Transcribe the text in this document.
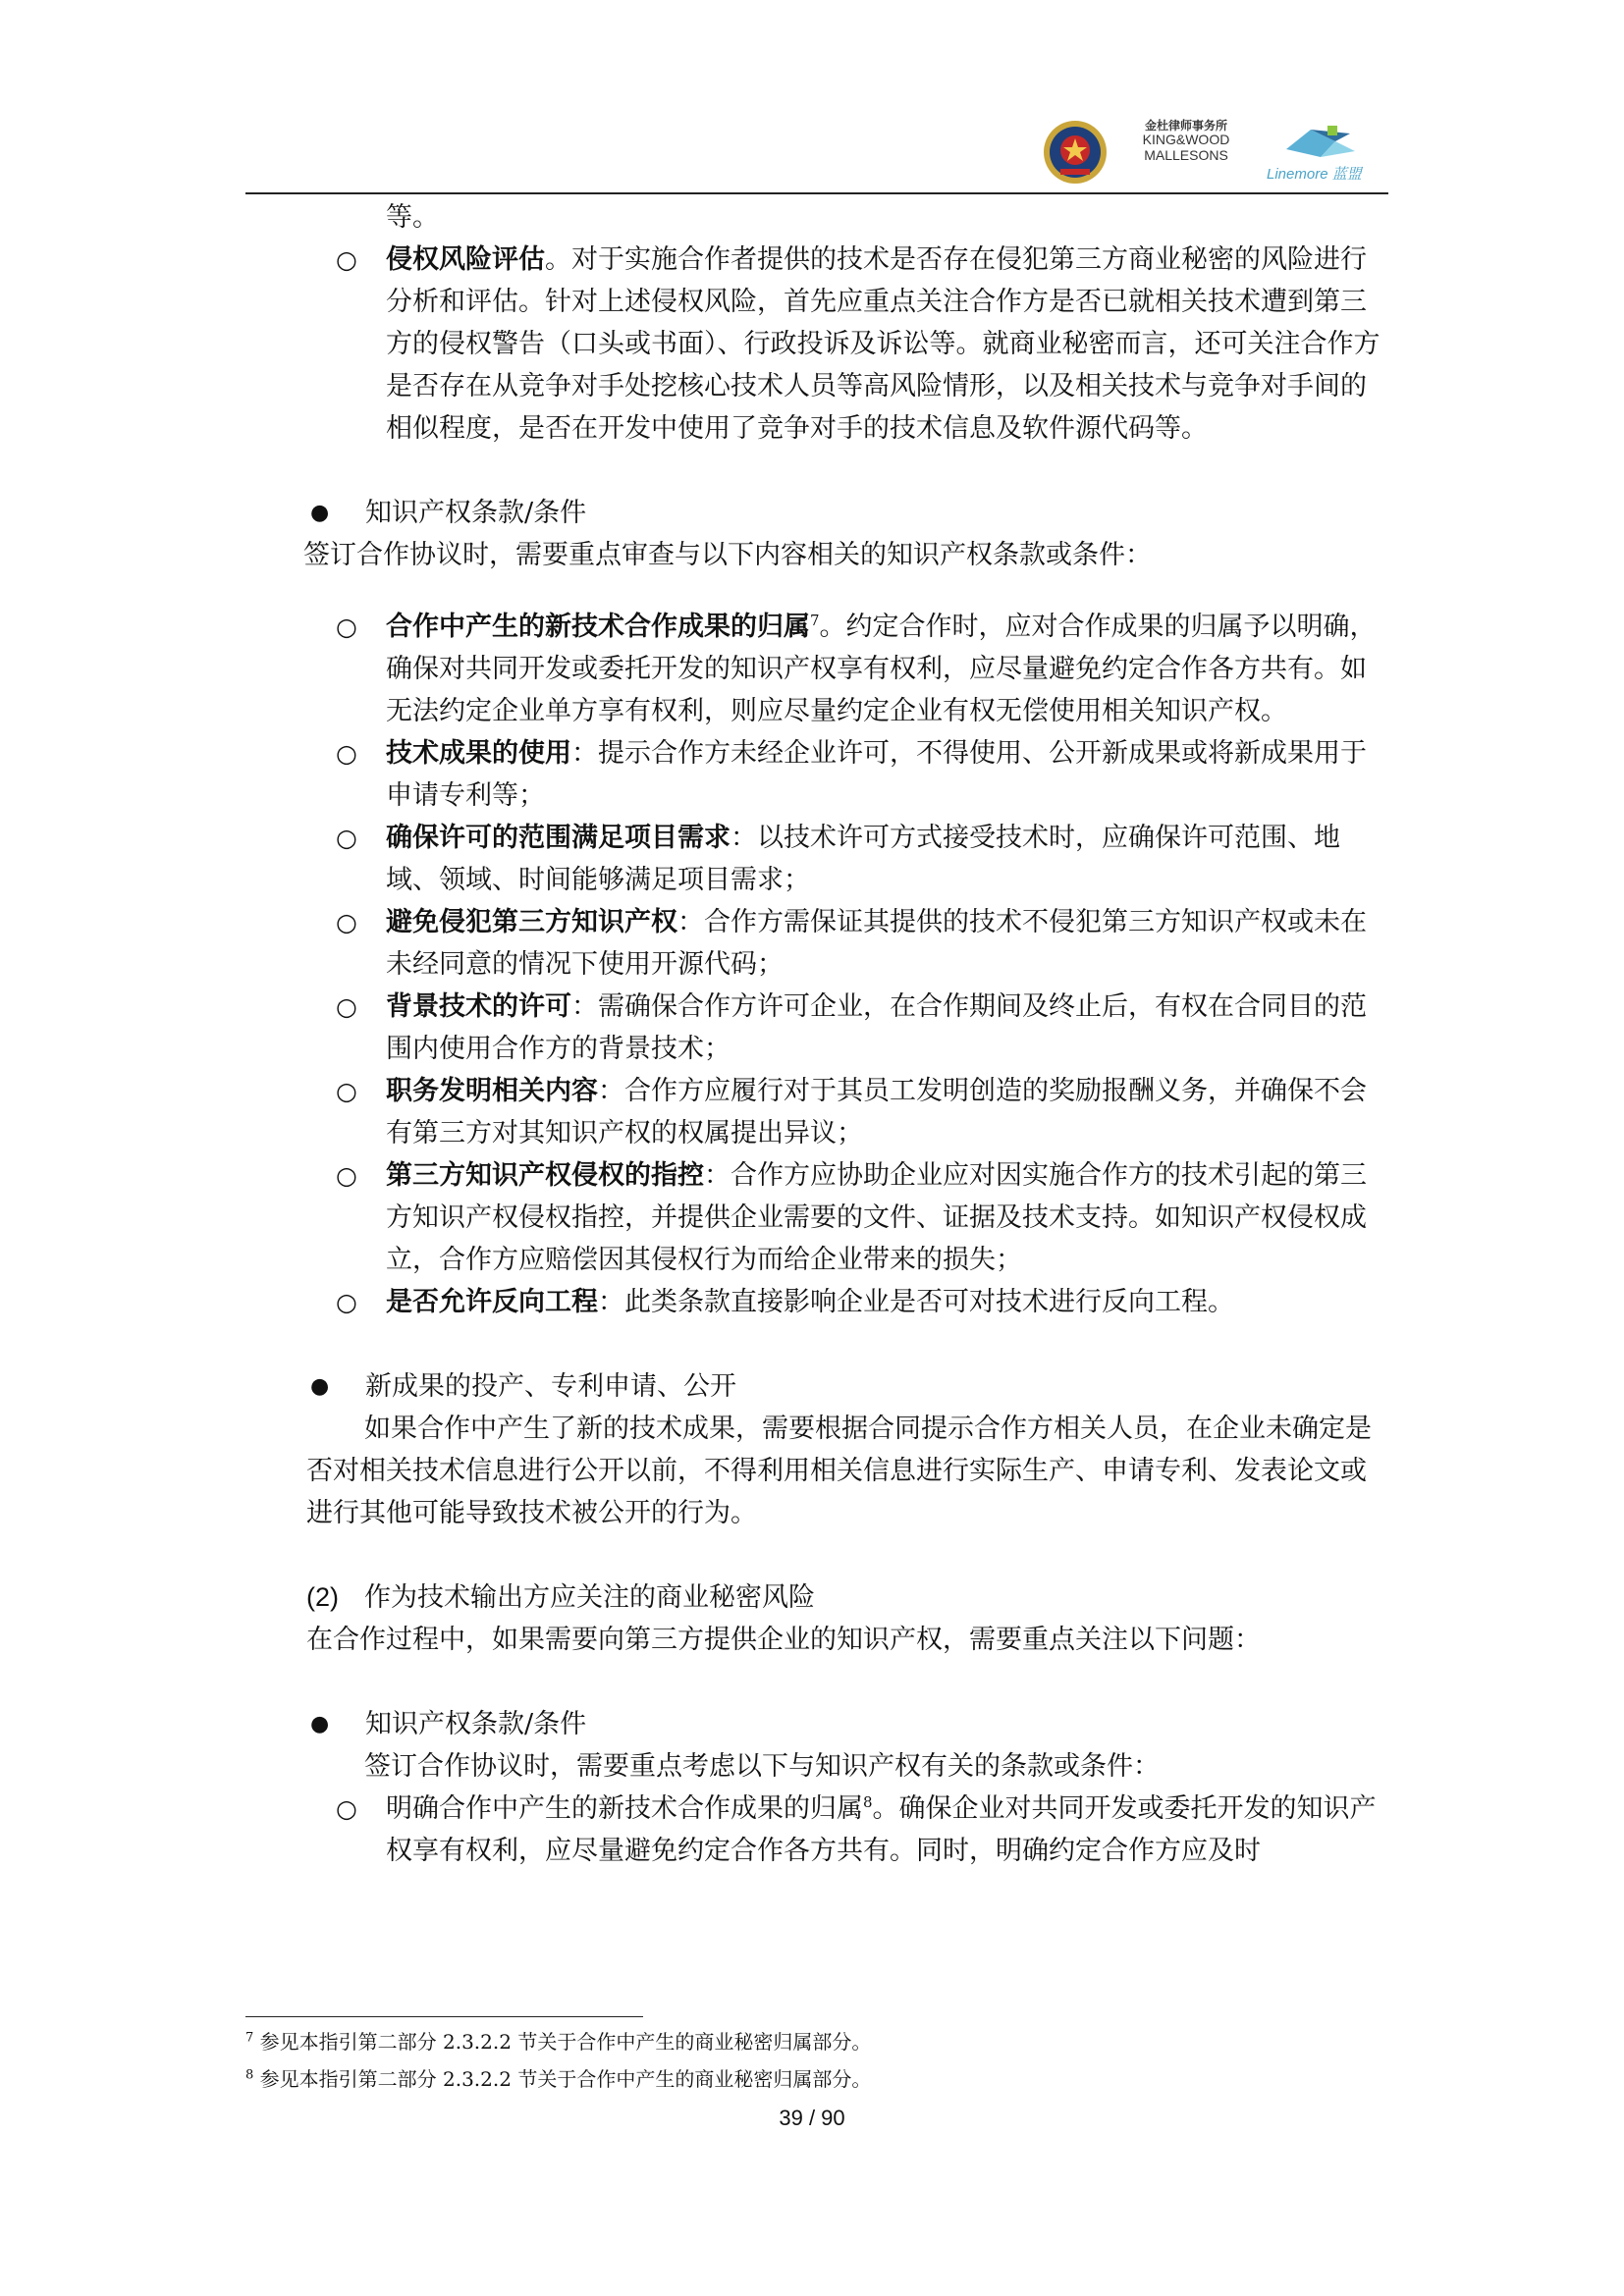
金杜律师事务所
KING&WOOD
MALLESONS
Linemore 蓝盟

等。

○ 侵权风险评估。对于实施合作者提供的技术是否存在侵犯第三方商业秘密的风险进行分析和评估。针对上述侵权风险，首先应重点关注合作方是否已就相关技术遭到第三方的侵权警告（口头或书面）、行政投诉及诉讼等。就商业秘密而言，还可关注合作方是否存在从竞争对手处挖核心技术人员等高风险情形，以及相关技术与竞争对手间的相似程度，是否在开发中使用了竞争对手的技术信息及软件源代码等。

● 知识产权条款/条件

签订合作协议时，需要重点审查与以下内容相关的知识产权条款或条件：

○ 合作中产生的新技术合作成果的归属$^7$。约定合作时，应对合作成果的归属予以明确，确保对共同开发或委托开发的知识产权享有权利，应尽量避免约定合作各方共有。如无法约定企业单方享有权利，则应尽量约定企业有权无偿使用相关知识产权。

○ 技术成果的使用：提示合作方未经企业许可，不得使用、公开新成果或将新成果用于申请专利等；

○ 确保许可的范围满足项目需求：以技术许可方式接受技术时，应确保许可范围、地域、领域、时间能够满足项目需求；

○ 避免侵犯第三方知识产权：合作方需保证其提供的技术不侵犯第三方知识产权或未在未经同意的情况下使用开源代码；

○ 背景技术的许可：需确保合作方许可企业，在合作期间及终止后，有权在合同目的范围内使用合作方的背景技术；

○ 职务发明相关内容：合作方应履行对于其员工发明创造的奖励报酬义务，并确保不会有第三方对其知识产权的权属提出异议；

○ 第三方知识产权侵权的指控：合作方应协助企业应对因实施合作方的技术引起的第三方知识产权侵权指控，并提供企业需要的文件、证据及技术支持。如知识产权侵权成立，合作方应赔偿因其侵权行为而给企业带来的损失；

○ 是否允许反向工程：此类条款直接影响企业是否可对技术进行反向工程。

● 新成果的投产、专利申请、公开

如果合作中产生了新的技术成果，需要根据合同提示合作方相关人员，在企业未确定是否对相关技术信息进行公开以前，不得利用相关信息进行实际生产、申请专利、发表论文或进行其他可能导致技术被公开的行为。

(2) 作为技术输出方应关注的商业秘密风险

在合作过程中，如果需要向第三方提供企业的知识产权，需要重点关注以下问题：

● 知识产权条款/条件

签订合作协议时，需要重点考虑以下与知识产权有关的条款或条件：

○ 明确合作中产生的新技术合作成果的归属$^8$。确保企业对共同开发或委托开发的知识产权享有权利，应尽量避免约定合作各方共有。同时，明确约定合作方应及时

$^7$ 参见本指引第二部分 2.3.2.2 节关于合作中产生的商业秘密归属部分。
$^8$ 参见本指引第二部分 2.3.2.2 节关于合作中产生的商业秘密归属部分。
39 / 90
